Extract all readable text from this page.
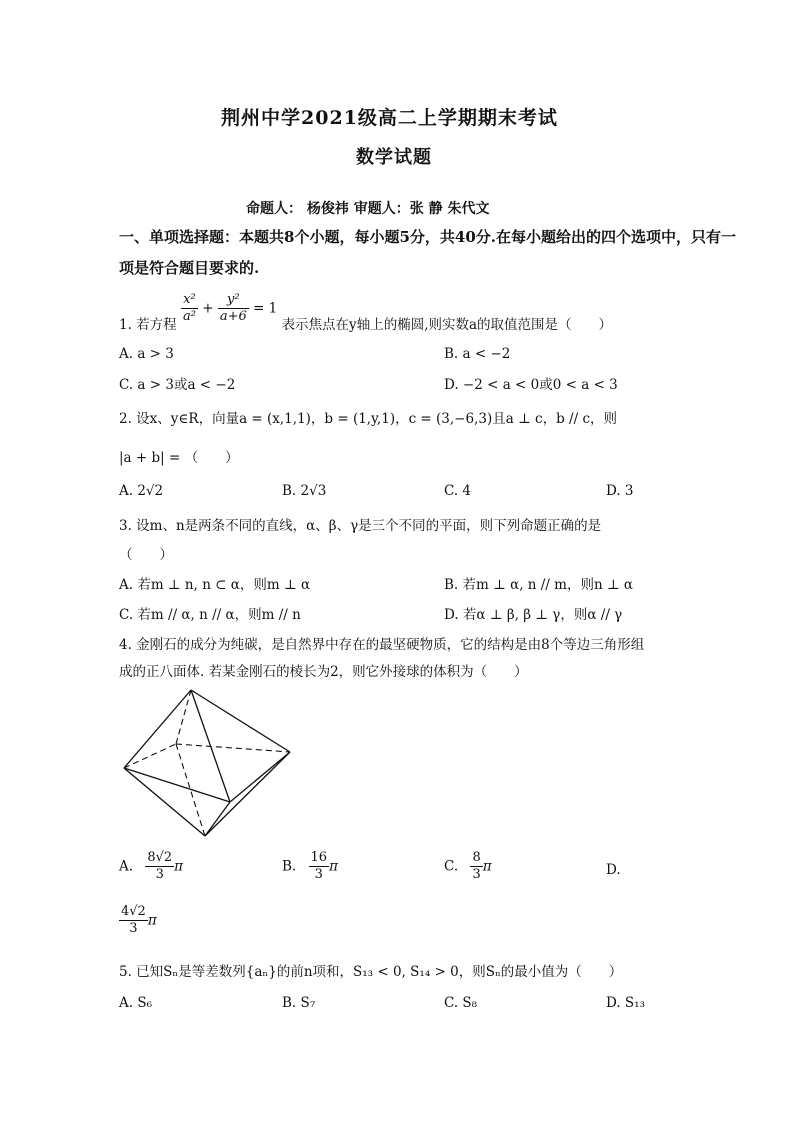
荆州中学2021级高二上学期期末考试
数学试题
命题人： 杨俊祎 审题人：张 静 朱代文
一、单项选择题：本题共8个小题，每小题5分，共40分.在每小题给出的四个选项中，只有一项是符合题目要求的.
1. 若方程 $\frac{\text{x²}}{\text{a²}} + \frac{\text{y²}}{a+6} = 1$ 表示焦点在y轴上的椭圆,则实数a的取值范围是（　　）
A. a > 3	B. a < −2
C. a > 3或a < −2	D. −2 < a < 0或0 < a < 3
2. 设x、y∈R，向量a = (x,1,1)，b = (1,y,1)，c = (3,−6,3)且a ⊥ c，b // c，则
|a + b| = （　　）
A. 2√2	B. 2√3	C. 4	D. 3
3. 设m、n是两条不同的直线，α、β、γ是三个不同的平面，则下列命题正确的是
（　　）
A. 若m ⊥ n, n ⊂ α，则m ⊥ α	B. 若m ⊥ α, n // m，则n ⊥ α
C. 若m // α, n // α，则m // n	D. 若α ⊥ β, β ⊥ γ，则α // γ
4. 金刚石的成分为纯碳，是自然界中存在的最坚硬物质，它的结构是由8个等边三角形组
成的正八面体. 若某金刚石的棱长为2，则它外接球的体积为（　　）
A. $\frac{8√2}{3}$ π	B. $\frac{16}{3}$ π	C. $\frac{8}{3}$ π	D.
$\frac{4√2}{3}$ π
5. 已知Sₙ是等差数列{aₙ}的前n项和，S₁₃ < 0, S₁₄ > 0，则Sₙ的最小值为（　　）
A. S₆	B. S₇	C. S₈	D. S₁₃
